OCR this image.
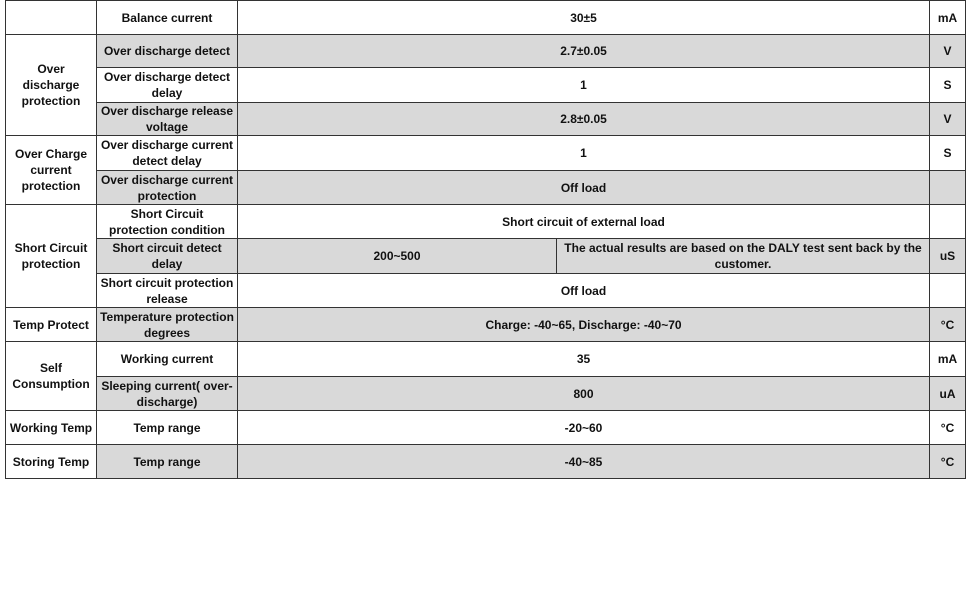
	Balance current	30±5		mA
Over discharge protection	Over discharge detect	2.7±0.05		V
	Over discharge detect delay	1		S
	Over discharge release voltage	2.8±0.05		V
Over Charge current protection	Over discharge current detect delay	1		S
	Over discharge current protection	Off load		
Short Circuit protection	Short Circuit protection condition	Short circuit of external load		
	Short circuit detect delay	200~500	The actual results are based on the DALY test sent back by the customer.	uS
	Short circuit protection release	Off load		
Temp Protect	Temperature protection degrees	Charge: -40~65, Discharge: -40~70		°C
Self Consumption	Working current	35		mA
	Sleeping current( over-discharge)	800		uA
Working Temp	Temp range	-20~60		°C
Storing Temp	Temp range	-40~85		°C
